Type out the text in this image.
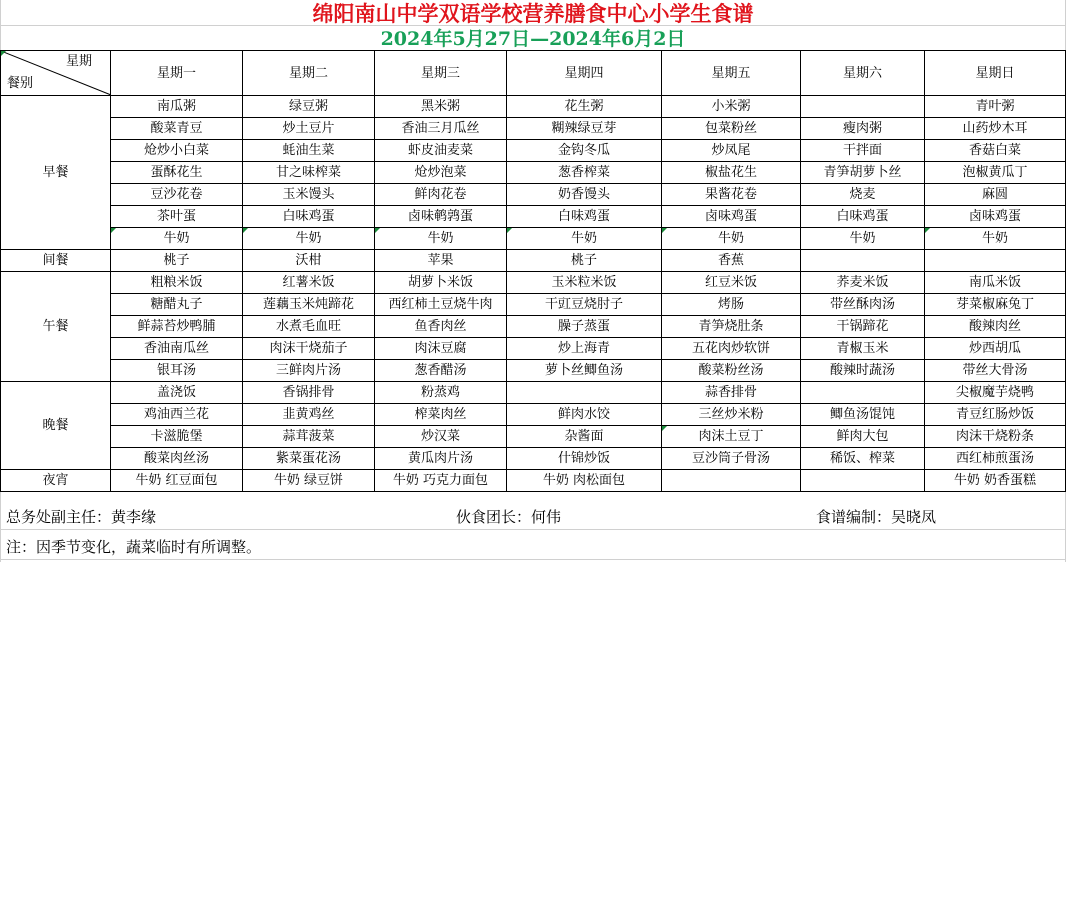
绵阳南山中学双语学校营养膳食中心小学生食谱
2024年5月27日—2024年6月2日
星期
餐别	星期一	星期二	星期三	星期四	星期五	星期六	星期日
早餐	南瓜粥	绿豆粥	黑米粥	花生粥	小米粥		青叶粥
	酸菜青豆	炒土豆片	香油三月瓜丝	糊辣绿豆芽	包菜粉丝	瘦肉粥	山药炒木耳
	炝炒小白菜	蚝油生菜	虾皮油麦菜	金钩冬瓜	炒凤尾	干拌面	香菇白菜
	蛋酥花生	甘之味榨菜	炝炒泡菜	葱香榨菜	椒盐花生	青笋胡萝卜丝	泡椒黄瓜丁
	豆沙花卷	玉米馒头	鲜肉花卷	奶香馒头	果酱花卷	烧麦	麻圆
	茶叶蛋	白味鸡蛋	卤味鹌鹑蛋	白味鸡蛋	卤味鸡蛋	白味鸡蛋	卤味鸡蛋
	牛奶	牛奶	牛奶	牛奶	牛奶	牛奶	牛奶

间餐	桃子	沃柑	苹果	桃子	香蕉		
午餐	粗粮米饭	红薯米饭	胡萝卜米饭	玉米粒米饭	红豆米饭	荞麦米饭	南瓜米饭
	糖醋丸子	莲藕玉米炖蹄花	西红柿土豆烧牛肉	干豇豆烧肘子	烤肠	带丝酥肉汤	芽菜椒麻兔丁
	鲜蒜苔炒鸭脯	水煮毛血旺	鱼香肉丝	臊子蒸蛋	青笋烧肚条	干锅蹄花	酸辣肉丝
	香油南瓜丝	肉沫干烧茄子	肉沫豆腐	炒上海青	五花肉炒软饼	青椒玉米	炒西胡瓜
	银耳汤	三鲜肉片汤	葱香醋汤	萝卜丝鲫鱼汤	酸菜粉丝汤	酸辣时蔬汤	带丝大骨汤
晚餐	盖浇饭	香锅排骨	粉蒸鸡		蒜香排骨		尖椒魔芋烧鸭
	鸡油西兰花	韭黄鸡丝	榨菜肉丝	鲜肉水饺	三丝炒米粉	鲫鱼汤馄饨	青豆红肠炒饭
	卡滋脆堡	蒜茸菠菜	炒汉菜	杂酱面	肉沫土豆丁	鲜肉大包	肉沫干烧粉条
	酸菜肉丝汤	紫菜蛋花汤	黄瓜肉片汤	什锦炒饭	豆沙筒子骨汤	稀饭、榨菜	西红柿煎蛋汤
夜宵	牛奶 红豆面包	牛奶 绿豆饼	牛奶 巧克力面包	牛奶 肉松面包			牛奶 奶香蛋糕
总务处副主任：黄李缘	伙食团长：何伟	食谱编制：吴晓凤
注：因季节变化，蔬菜临时有所调整。
